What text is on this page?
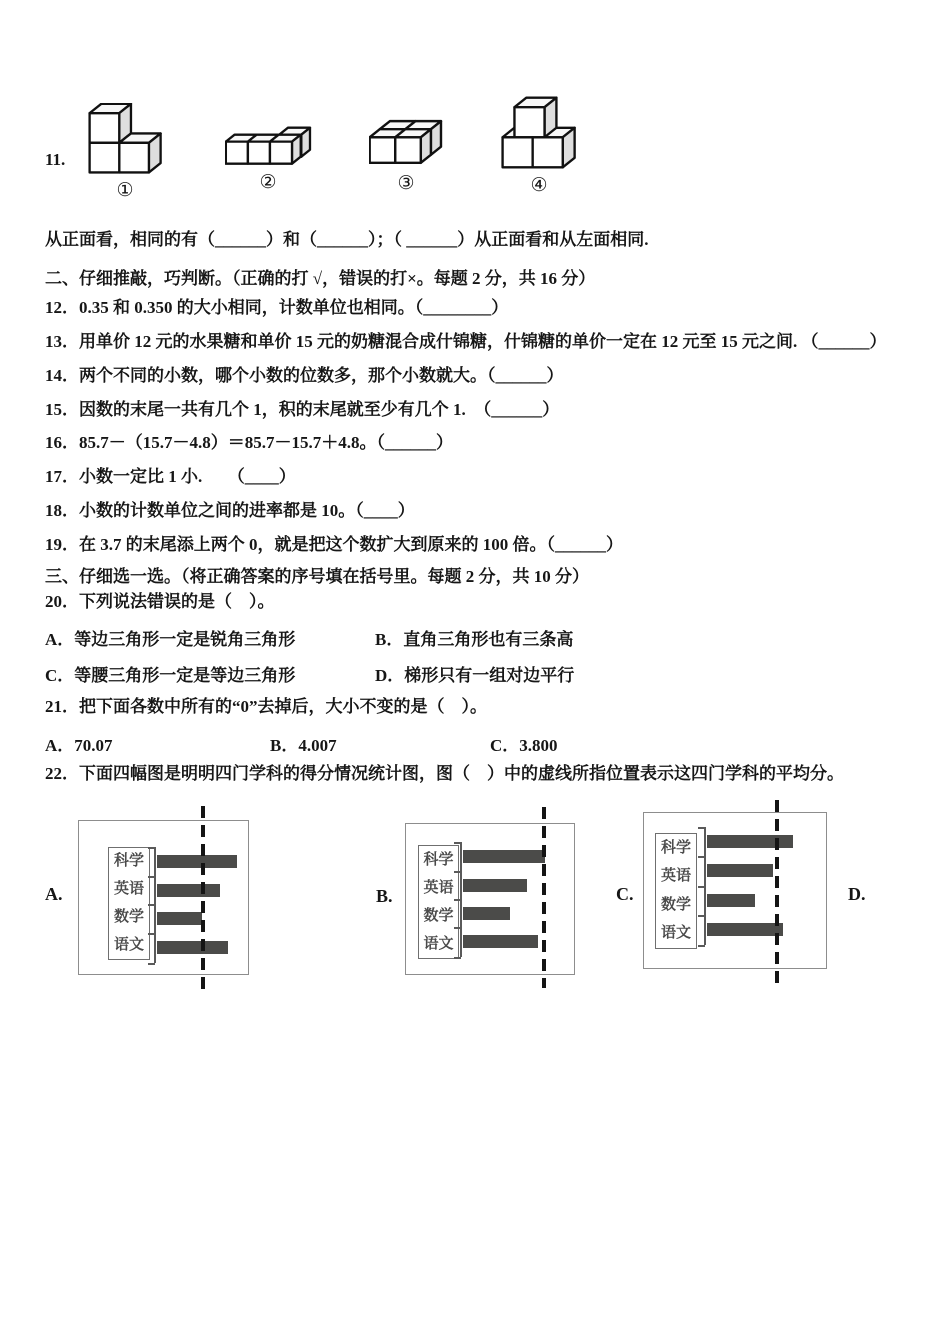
11.
①	②	③	④
从正面看，相同的有（______）和（______）；（ ______）从正面看和从左面相同.
二、仔细推敲，巧判断。（正确的打 √，错误的打×。每题 2 分，共 16 分）
12．0.35 和 0.350 的大小相同，计数单位也相同。（________）
13．用单价 12 元的水果糖和单价 15 元的奶糖混合成什锦糖，什锦糖的单价一定在 12 元至 15 元之间. （______）
14．两个不同的小数，哪个小数的位数多，那个小数就大。（______）
15．因数的末尾一共有几个 1，积的末尾就至少有几个 1.　（______）
16．85.7－（15.7－4.8）＝85.7－15.7＋4.8。（______）
17．小数一定比 1 小.　　（____）
18．小数的计数单位之间的进率都是 10。（____）
19．在 3.7 的末尾添上两个 0，就是把这个数扩大到原来的 100 倍。（______）
三、仔细选一选。（将正确答案的序号填在括号里。每题 2 分，共 10 分）
20．下列说法错误的是（　）。
A．等边三角形一定是锐角三角形	B．直角三角形也有三条高
C．等腰三角形一定是等边三角形	D．梯形只有一组对边平行
21．把下面各数中所有的“0”去掉后，大小不变的是（　）。
A．70.07	B．4.007	C．3.800
22．下面四幅图是明明四门学科的得分情况统计图，图（　）中的虚线所指位置表示这四门学科的平均分。
科学
英语
数学
语文
A.
科学
英语
数学
语文
B.
科学
英语
数学
语文
C.	D.
